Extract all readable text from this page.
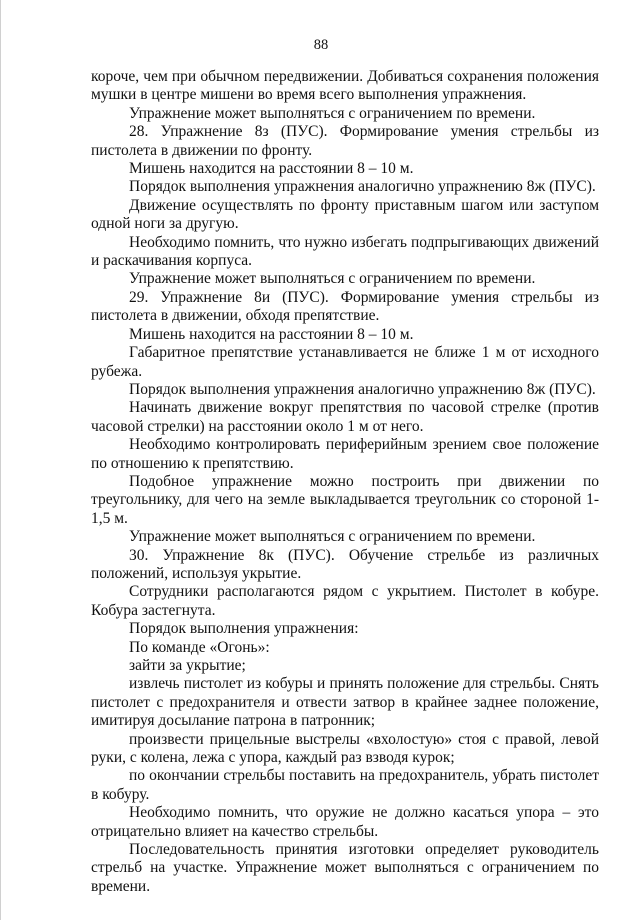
88

короче, чем при обычном передвижении. Добиваться сохранения положения мушки в центре мишени во время всего выполнения упражнения.

Упражнение может выполняться с ограничением по времени.

28. Упражнение 8з (ПУС). Формирование умения стрельбы из пистолета в движении по фронту.

Мишень находится на расстоянии 8 – 10 м.

Порядок выполнения упражнения аналогично упражнению 8ж (ПУС).

Движение осуществлять по фронту приставным шагом или заступом одной ноги за другую.

Необходимо помнить, что нужно избегать подпрыгивающих движений и раскачивания корпуса.

Упражнение может выполняться с ограничением по времени.

29. Упражнение 8и (ПУС). Формирование умения стрельбы из пистолета в движении, обходя препятствие.

Мишень находится на расстоянии 8 – 10 м.

Габаритное препятствие устанавливается не ближе 1 м от исходного рубежа.

Порядок выполнения упражнения аналогично упражнению 8ж (ПУС).

Начинать движение вокруг препятствия по часовой стрелке (против часовой стрелки) на расстоянии около 1 м от него.

Необходимо контролировать периферийным зрением свое положение по отношению к препятствию.

Подобное упражнение можно построить при движении по треугольнику, для чего на земле выкладывается треугольник со стороной 1-1,5 м.

Упражнение может выполняться с ограничением по времени.

30. Упражнение 8к (ПУС). Обучение стрельбе из различных положений, используя укрытие.

Сотрудники располагаются рядом с укрытием. Пистолет в кобуре. Кобура застегнута.

Порядок выполнения упражнения:

По команде «Огонь»:

зайти за укрытие;

извлечь пистолет из кобуры и принять положение для стрельбы. Снять пистолет с предохранителя и отвести затвор в крайнее заднее положение, имитируя досылание патрона в патронник;

произвести прицельные выстрелы «вхолостую» стоя с правой, левой руки, с колена, лежа с упора, каждый раз взводя курок;

по окончании стрельбы поставить на предохранитель, убрать пистолет в кобуру.

Необходимо помнить, что оружие не должно касаться упора – это отрицательно влияет на качество стрельбы.

Последовательность принятия изготовки определяет руководитель стрельб на участке. Упражнение может выполняться с ограничением по времени.
